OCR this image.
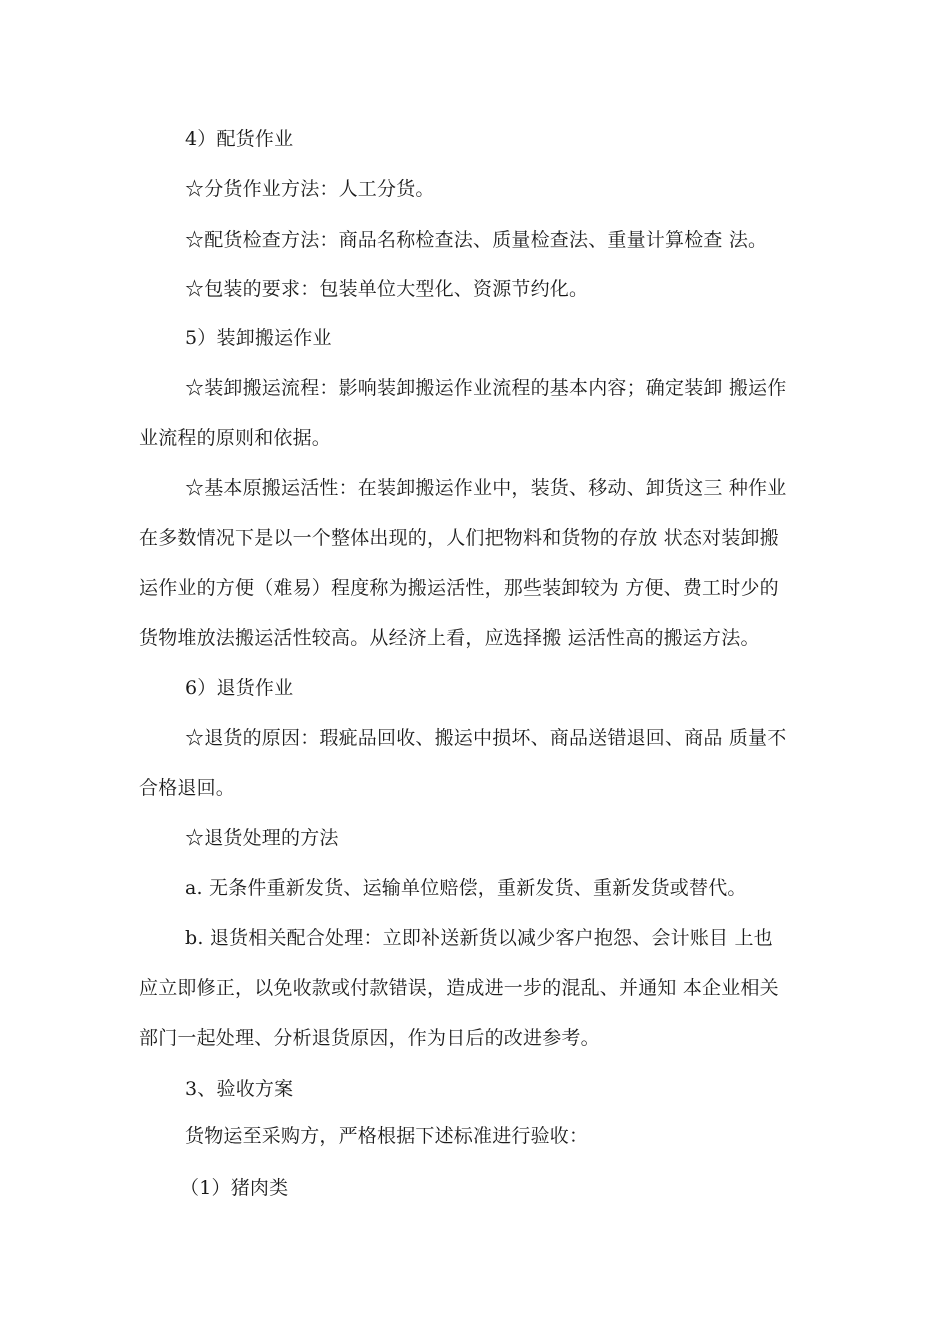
4）配货作业
☆分货作业方法：人工分货。
☆配货检查方法：商品名称检查法、质量检查法、重量计算检查 法。
☆包装的要求：包装单位大型化、资源节约化。
5）装卸搬运作业
☆装卸搬运流程：影响装卸搬运作业流程的基本内容；确定装卸 搬运作
业流程的原则和依据。
☆基本原搬运活性：在装卸搬运作业中，装货、移动、卸货这三 种作业
在多数情况下是以一个整体出现的，人们把物料和货物的存放 状态对装卸搬
运作业的方便（难易）程度称为搬运活性，那些装卸较为 方便、费工时少的
货物堆放法搬运活性较高。从经济上看，应选择搬 运活性高的搬运方法。
6）退货作业
☆退货的原因：瑕疵品回收、搬运中损坏、商品送错退回、商品 质量不
合格退回。
☆退货处理的方法
a. 无条件重新发货、运输单位赔偿，重新发货、重新发货或替代。
b. 退货相关配合处理：立即补送新货以减少客户抱怨、会计账目 上也
应立即修正，以免收款或付款错误，造成进一步的混乱、并通知 本企业相关
部门一起处理、分析退货原因，作为日后的改进参考。
3、验收方案
货物运至采购方，严格根据下述标准进行验收：
（1）猪肉类
